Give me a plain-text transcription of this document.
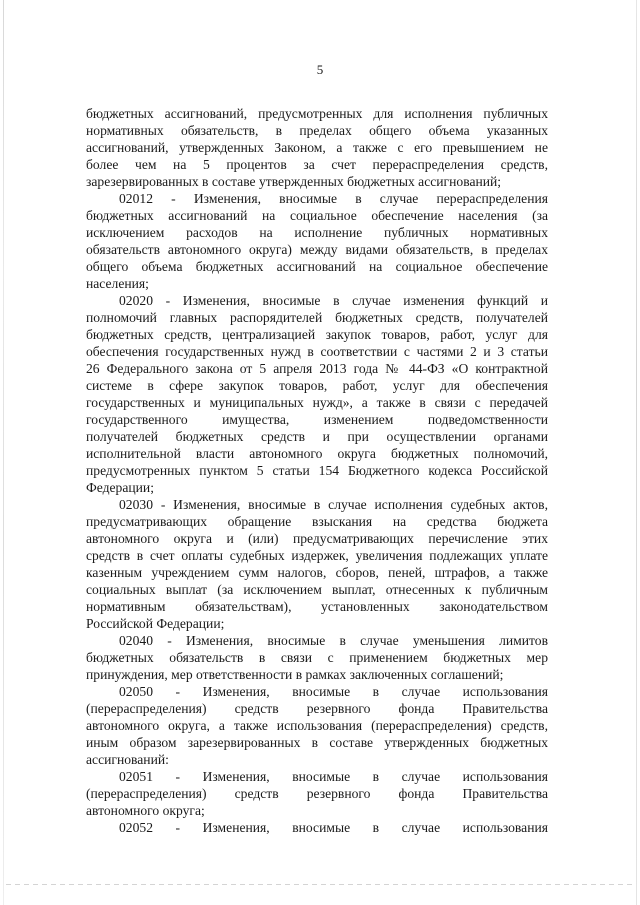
5
бюджетных ассигнований, предусмотренных для исполнения публичных
нормативных обязательств, в пределах общего объема указанных
ассигнований, утвержденных Законом, а также с его превышением не
более чем на 5 процентов за счет перераспределения средств,
зарезервированных в составе утвержденных бюджетных ассигнований;
02012 - Изменения, вносимые в случае перераспределения
бюджетных ассигнований на социальное обеспечение населения (за
исключением расходов на исполнение публичных нормативных
обязательств автономного округа) между видами обязательств, в пределах
общего объема бюджетных ассигнований на социальное обеспечение
населения;
02020 - Изменения, вносимые в случае изменения функций и
полномочий главных распорядителей бюджетных средств, получателей
бюджетных средств, централизацией закупок товаров, работ, услуг для
обеспечения государственных нужд в соответствии с частями 2 и 3 статьи
26 Федерального закона от 5 апреля 2013 года № 44-ФЗ «О контрактной
системе в сфере закупок товаров, работ, услуг для обеспечения
государственных и муниципальных нужд», а также в связи с передачей
государственного имущества, изменением подведомственности
получателей бюджетных средств и при осуществлении органами
исполнительной власти автономного округа бюджетных полномочий,
предусмотренных пунктом 5 статьи 154 Бюджетного кодекса Российской
Федерации;
02030 - Изменения, вносимые в случае исполнения судебных актов,
предусматривающих обращение взыскания на средства бюджета
автономного округа и (или) предусматривающих перечисление этих
средств в счет оплаты судебных издержек, увеличения подлежащих уплате
казенным учреждением сумм налогов, сборов, пеней, штрафов, а также
социальных выплат (за исключением выплат, отнесенных к публичным
нормативным обязательствам), установленных законодательством
Российской Федерации;
02040 - Изменения, вносимые в случае уменьшения лимитов
бюджетных обязательств в связи с применением бюджетных мер
принуждения, мер ответственности в рамках заключенных соглашений;
02050 - Изменения, вносимые в случае использования
(перераспределения) средств резервного фонда Правительства
автономного округа, а также использования (перераспределения) средств,
иным образом зарезервированных в составе утвержденных бюджетных
ассигнований:
02051 - Изменения, вносимые в случае использования
(перераспределения) средств резервного фонда Правительства
автономного округа;
02052 - Изменения, вносимые в случае использования
